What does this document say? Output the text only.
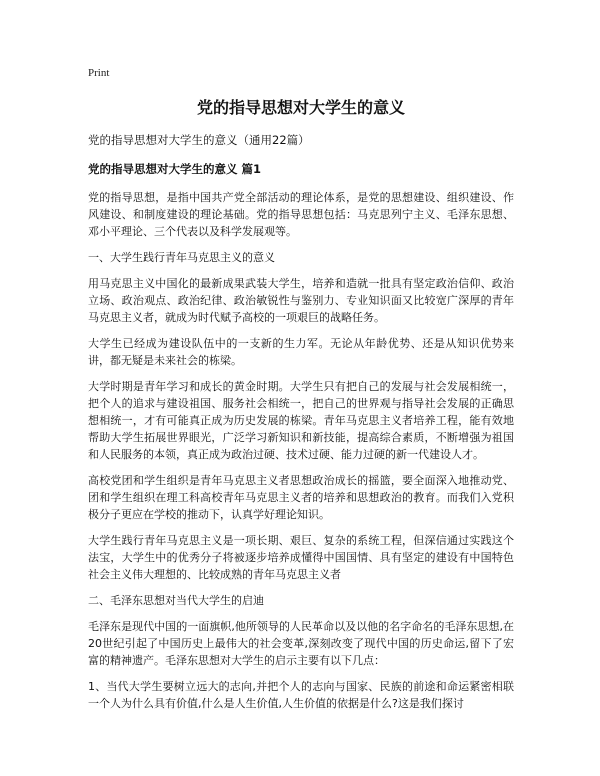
Print
党的指导思想对大学生的意义
党的指导思想对大学生的意义（通用22篇）
党的指导思想对大学生的意义 篇1
党的指导思想，是指中国共产党全部活动的理论体系，是党的思想建设、组织建设、作风建设、和制度建设的理论基础。党的指导思想包括：马克思列宁主义、毛泽东思想、邓小平理论、三个代表以及科学发展观等。
一、大学生践行青年马克思主义的意义
用马克思主义中国化的最新成果武装大学生，培养和造就一批具有坚定政治信仰、政治立场、政治观点、政治纪律、政治敏锐性与鉴别力、专业知识面又比较宽广深厚的青年马克思主义者，就成为时代赋予高校的一项艰巨的战略任务。
大学生已经成为建设队伍中的一支新的生力军。无论从年龄优势、还是从知识优势来讲，都无疑是未来社会的栋梁。
大学时期是青年学习和成长的黄金时期。大学生只有把自己的发展与社会发展相统一，把个人的追求与建设祖国、服务社会相统一，把自己的世界观与指导社会发展的正确思想相统一，才有可能真正成为历史发展的栋梁。青年马克思主义者培养工程，能有效地帮助大学生拓展世界眼光，广泛学习新知识和新技能，提高综合素质，不断增强为祖国和人民服务的本领，真正成为政治过硬、技术过硬、能力过硬的新一代建设人才。
高校党团和学生组织是青年马克思主义者思想政治成长的摇篮，要全面深入地推动党、团和学生组织在理工科高校青年马克思主义者的培养和思想政治的教育。而我们入党积极分子更应在学校的推动下，认真学好理论知识。
大学生践行青年马克思主义是一项长期、艰巨、复杂的系统工程，但深信通过实践这个法宝，大学生中的优秀分子将被逐步培养成懂得中国国情、具有坚定的建设有中国特色社会主义伟大理想的、比较成熟的青年马克思主义者
二、毛泽东思想对当代大学生的启迪
毛泽东是现代中国的一面旗帜,他所领导的人民革命以及以他的名字命名的毛泽东思想,在20世纪引起了中国历史上最伟大的社会变革,深刻改变了现代中国的历史命运,留下了宏富的精神遗产。毛泽东思想对大学生的启示主要有以下几点：
1、当代大学生要树立远大的志向,并把个人的志向与国家、民族的前途和命运紧密相联一个人为什么具有价值,什么是人生价值,人生价值的依据是什么?这是我们探讨
